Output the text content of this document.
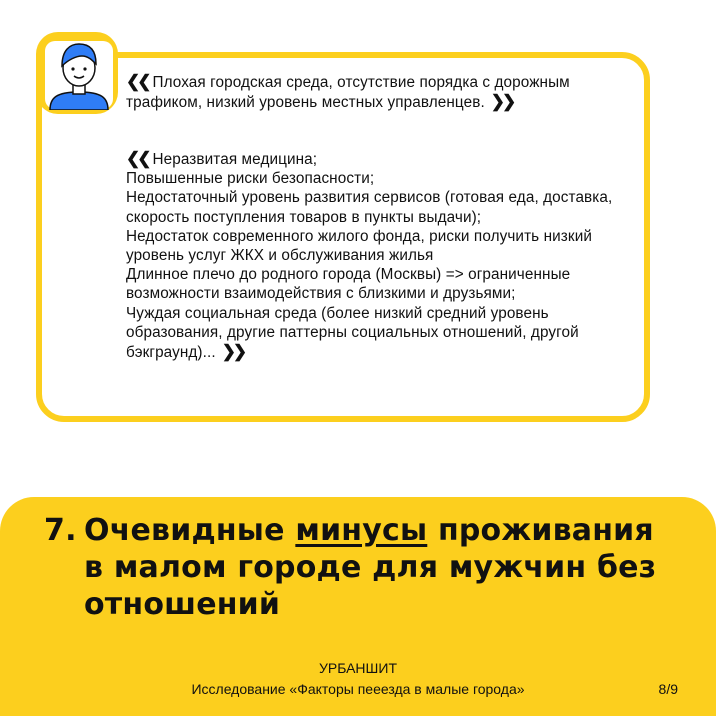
❮❮ Плохая городская среда, отсутствие порядка с дорожным трафиком, низкий уровень местных управленцев. ❯❯

❮❮ Неразвитая медицина;

Повышенные риски безопасности;

Недостаточный уровень развития сервисов (готовая еда, доставка, скорость поступления товаров в пункты выдачи);

Недостаток современного жилого фонда, риски получить низкий уровень услуг ЖКХ и обслуживания жилья

Длинное плечо до родного города (Москвы) => ограниченные возможности взаимодействия с близкими и друзьями;

Чуждая социальная среда (более низкий средний уровень образования, другие паттерны социальных отношений, другой бэкграунд)... ❯❯

7. Очевидные минусы проживания
в малом городе для мужчин без
отношений
УРБАНШИТ
Исследование «Факторы пееезда в малые города»	8/9
